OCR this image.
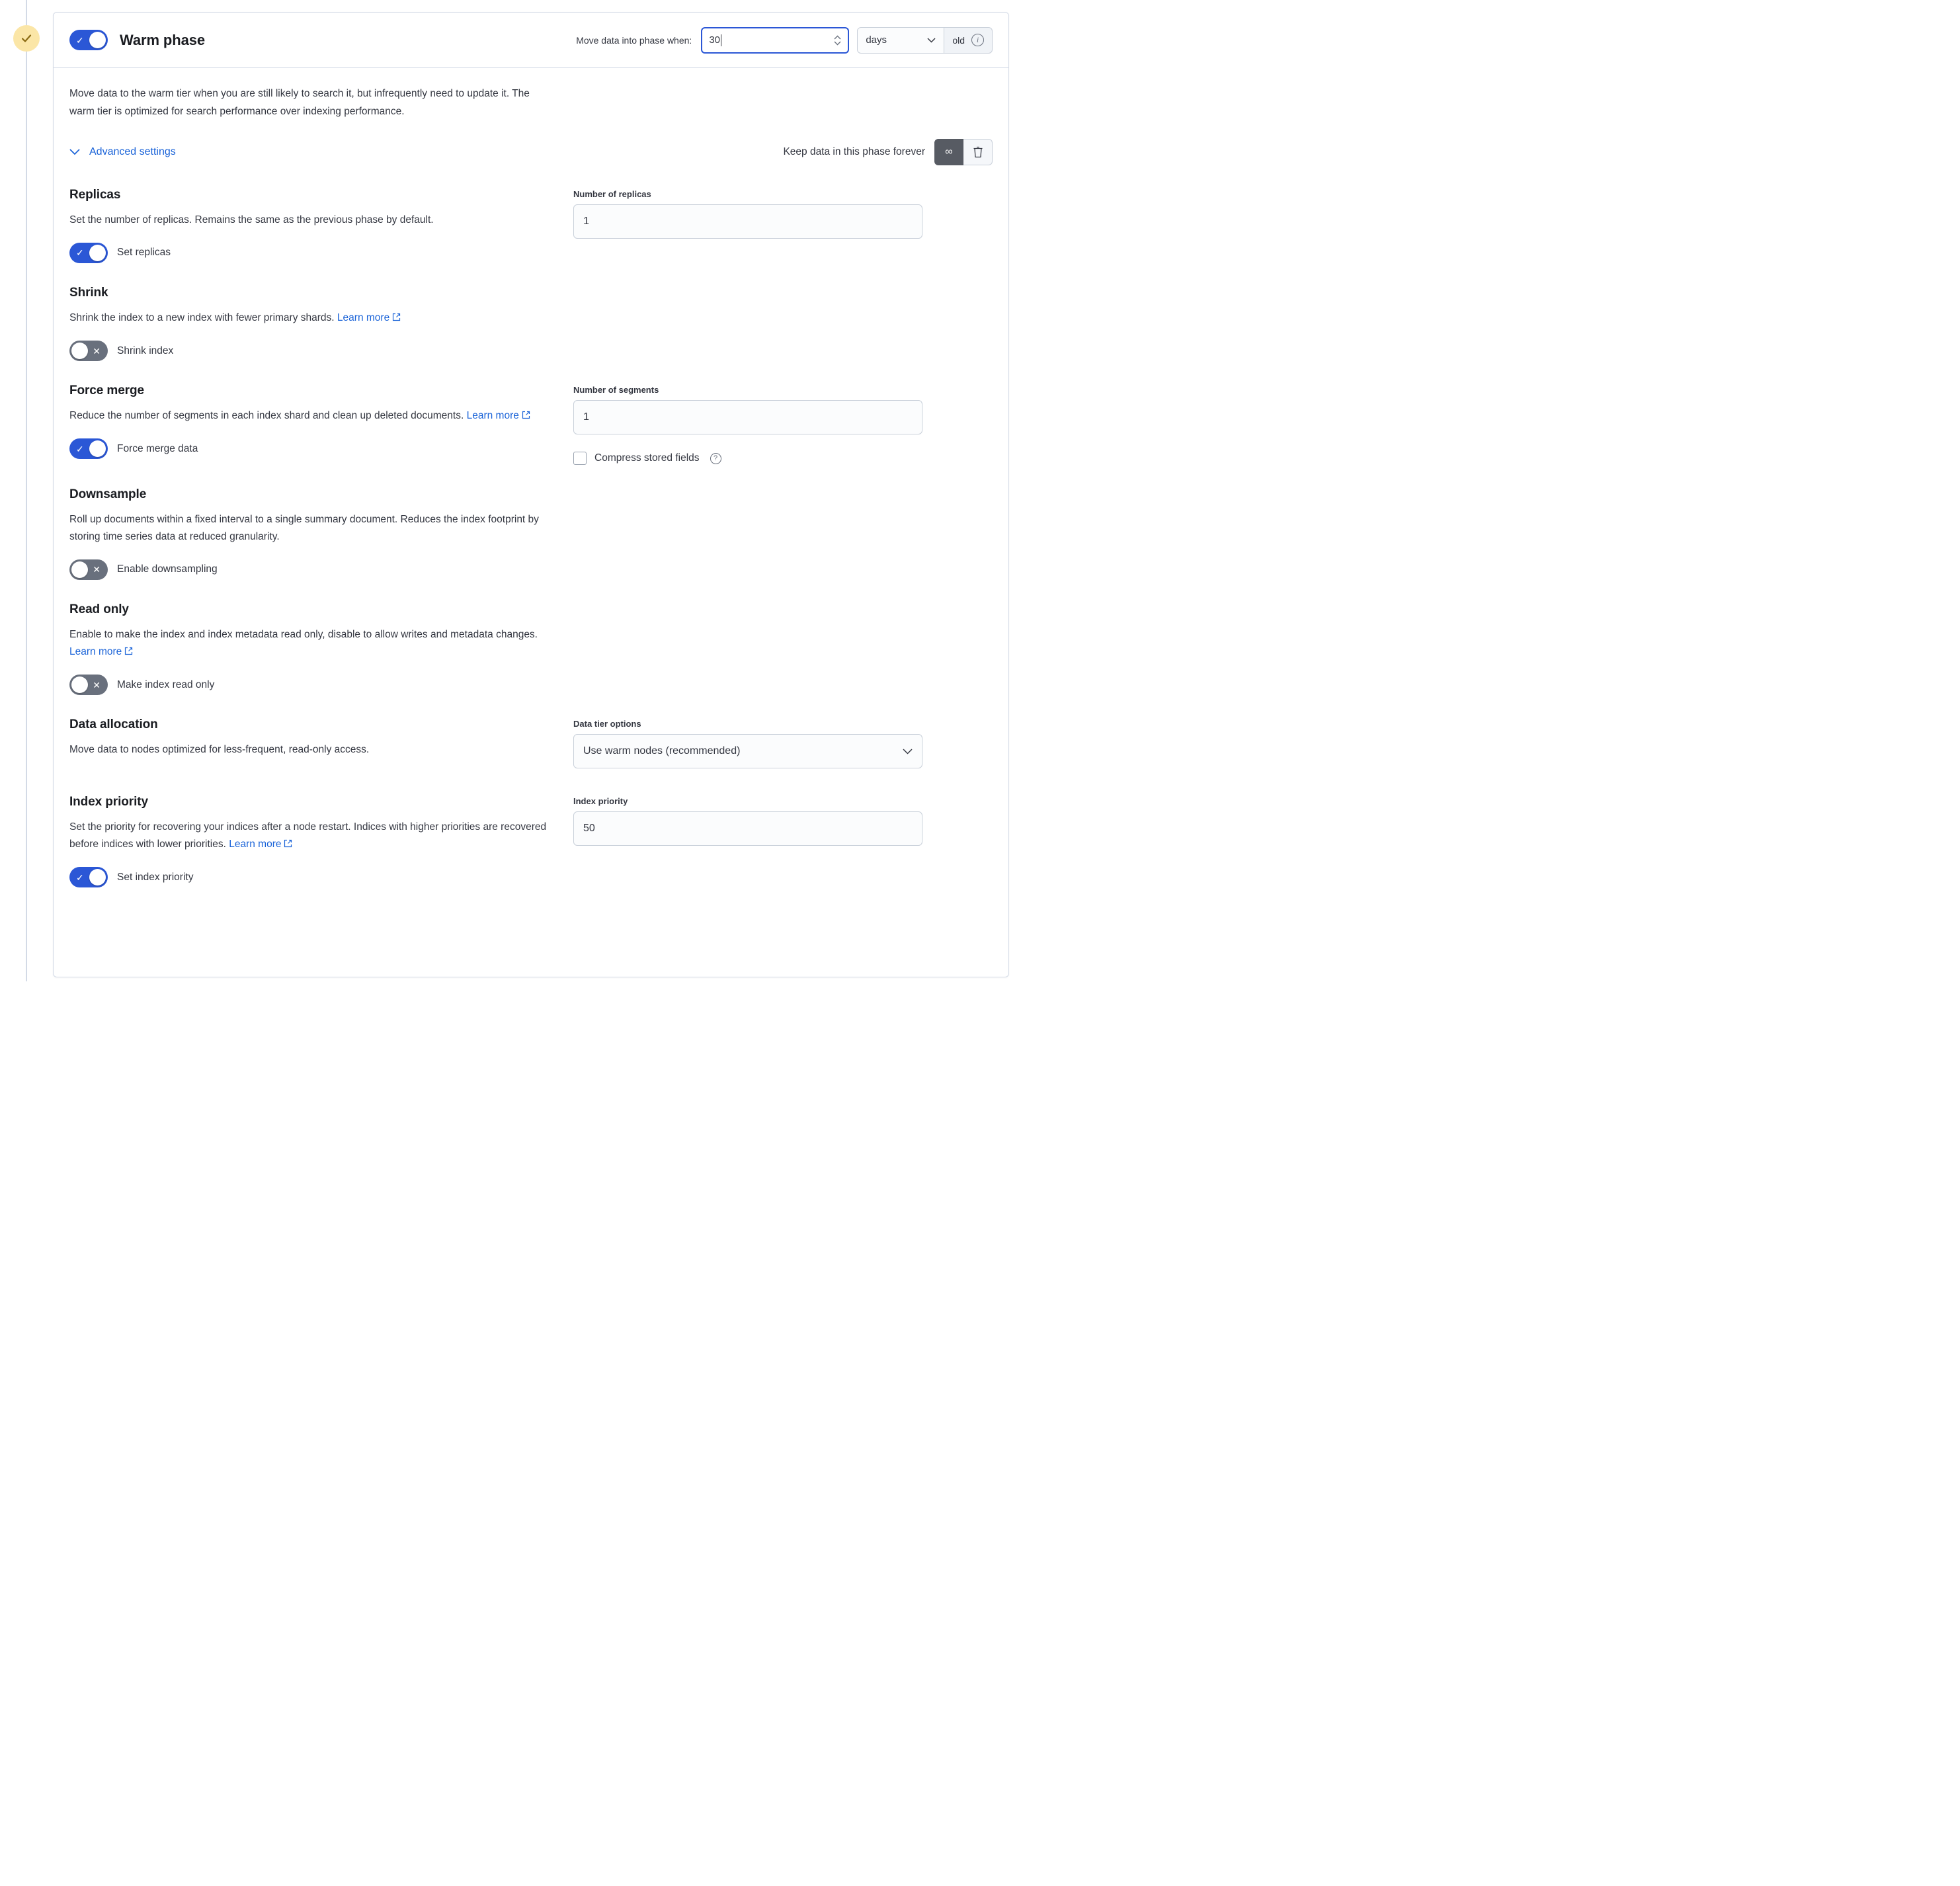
✓ Warm phase	Move data into phase when: 30	days	old	i
Move data to the warm tier when you are still likely to search it, but infrequently need to update it. The warm tier is optimized for search performance over indexing performance.
Advanced settings	Keep data in this phase forever ∞
Replicas
Set the number of replicas. Remains the same as the previous phase by default.
✓	Set replicas
Number of replicas
1
Shrink
Shrink the index to a new index with fewer primary shards. Learn more
✕ Shrink index
Force merge
Reduce the number of segments in each index shard and clean up deleted documents. Learn more
✓	Force merge data
Number of segments
1
Compress stored fields	?
Downsample
Roll up documents within a fixed interval to a single summary document. Reduces the index footprint by storing time series data at reduced granularity.
✕ Enable downsampling
Read only
Enable to make the index and index metadata read only, disable to allow writes and metadata changes. Learn more
✕ Make index read only
Data allocation
Move data to nodes optimized for less-frequent, read-only access.
Data tier options
Use warm nodes (recommended)
Index priority
Set the priority for recovering your indices after a node restart. Indices with higher priorities are recovered before indices with lower priorities. Learn more
✓	Set index priority
Index priority
50
